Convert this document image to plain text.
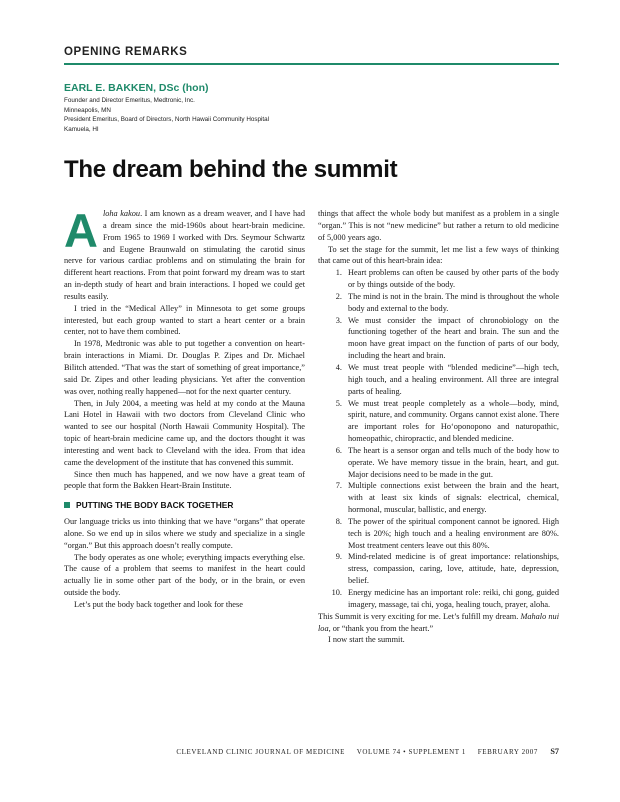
OPENING REMARKS
EARL E. BAKKEN, DSc (hon)
Founder and Director Emeritus, Medtronic, Inc.
Minneapolis, MN
President Emeritus, Board of Directors, North Hawaii Community Hospital
Kamuela, HI
The dream behind the summit

Aloha kakou. I am known as a dream weaver, and I have had a dream since the mid-1960s about heart-brain medicine. From 1965 to 1969 I worked with Drs. Seymour Schwartz and Eugene Braunwald on stimulating the carotid sinus nerve for various cardiac problems and on stimulating the brain for different heart reactions. From that point forward my dream was to start an in-depth study of heart and brain interactions. I hoped we could get results easily.

I tried in the “Medical Alley” in Minnesota to get some groups interested, but each group wanted to start a heart center or a brain center, not to have them combined.

In 1978, Medtronic was able to put together a convention on heart-brain interactions in Miami. Dr. Douglas P. Zipes and Dr. Michael Bilitch attended. “That was the start of something of great importance,” said Dr. Zipes and other leading physicians. Yet after the convention was over, nothing really happened—not for the next quarter century.

Then, in July 2004, a meeting was held at my condo at the Mauna Lani Hotel in Hawaii with two doctors from Cleveland Clinic who wanted to see our hospital (North Hawaii Community Hospital). The topic of heart-brain medicine came up, and the doctors thought it was interesting and went back to Cleveland with the idea. From that idea came the development of the institute that has convened this summit.

Since then much has happened, and we now have a great team of people that form the Bakken Heart-Brain Institute.

PUTTING THE BODY BACK TOGETHER

Our language tricks us into thinking that we have “organs” that operate alone. So we end up in silos where we study and specialize in a single “organ.” But this approach doesn’t really compute.

The body operates as one whole; everything impacts everything else. The cause of a problem that seems to manifest in the heart could actually lie in some other part of the body, or in the brain, or even outside the body.

Let’s put the body back together and look for these

things that affect the whole body but manifest as a problem in a single “organ.” This is not “new medicine” but rather a return to old medicine of 5,000 years ago.

To set the stage for the summit, let me list a few ways of thinking that came out of this heart-brain idea:

1. Heart problems can often be caused by other parts of the body or by things outside of the body.
2. The mind is not in the brain. The mind is throughout the whole body and external to the body.
3. We must consider the impact of chronobiology on the functioning together of the heart and brain. The sun and the moon have great impact on the function of parts of our body, including the heart and brain.
4. We must treat people with “blended medicine”—high tech, high touch, and a healing environment. All three are integral parts of healing.
5. We must treat people completely as a whole—body, mind, spirit, nature, and community. Organs cannot exist alone. There are important roles for Hoʻoponopono and naturopathic, homeopathic, chiropractic, and blended medicine.
6. The heart is a sensor organ and tells much of the body how to operate. We have memory tissue in the brain, heart, and gut. Major decisions need to be made in the gut.
7. Multiple connections exist between the brain and the heart, with at least six kinds of signals: electrical, chemical, hormonal, muscular, ballistic, and energy.
8. The power of the spiritual component cannot be ignored. High tech is 20%; high touch and a healing environment are 80%. Most treatment centers leave out this 80%.
9. Mind-related medicine is of great importance: relationships, stress, compassion, caring, love, attitude, hate, depression, belief.
10. Energy medicine has an important role: reiki, chi gong, guided imagery, massage, tai chi, yoga, healing touch, prayer, aloha.

This Summit is very exciting for me. Let’s fulfill my dream. Mahalo nui loa, or “thank you from the heart.”

I now start the summit.

CLEVELAND CLINIC JOURNAL OF MEDICINE VOLUME 74 • SUPPLEMENT 1 FEBRUARY 2007 S7
